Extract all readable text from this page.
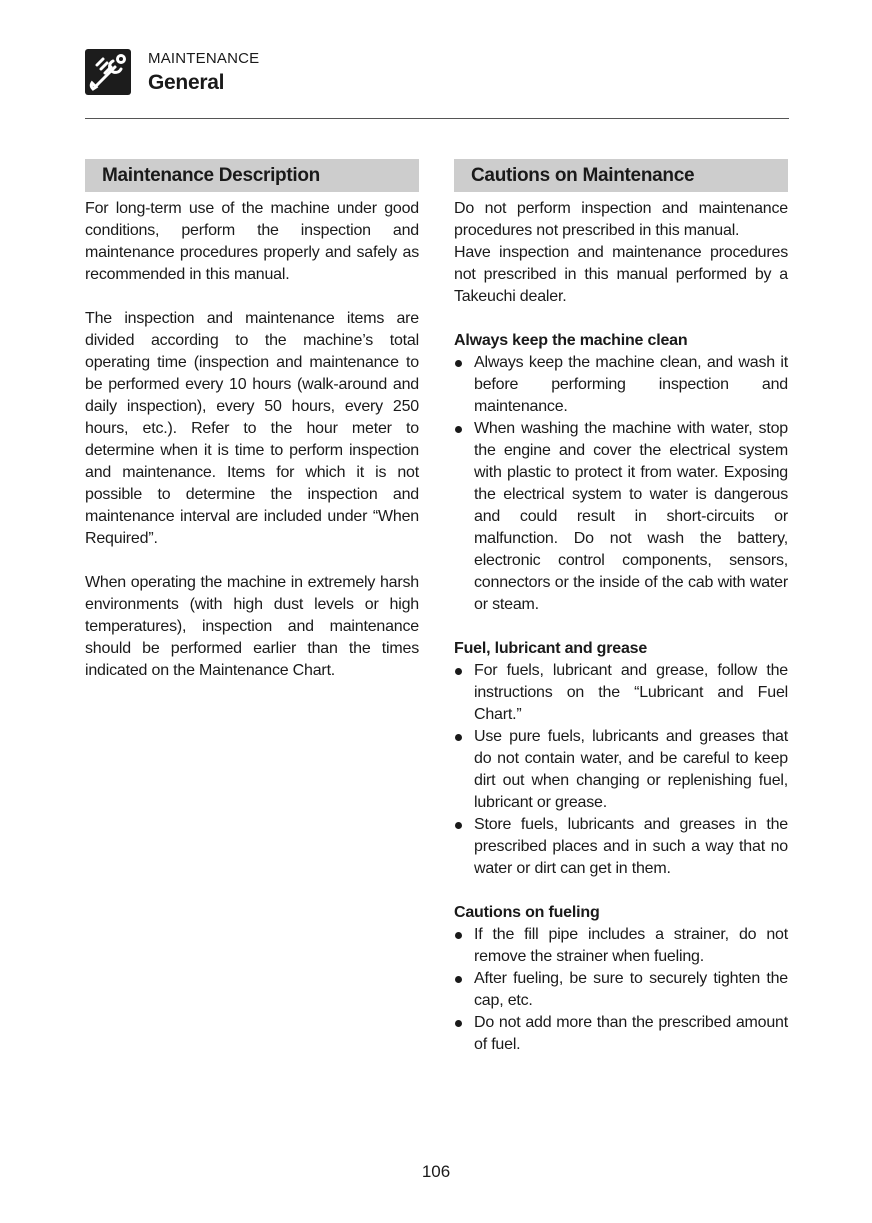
MAINTENANCE
General
Maintenance Description

For long-term use of the machine under good conditions, perform the inspection and maintenance procedures properly and safely as recommended in this manual.

The inspection and maintenance items are divided according to the machine’s total operating time (inspection and maintenance to be performed every 10 hours (walk-around and daily inspection), every 50 hours, every 250 hours, etc.). Refer to the hour meter to determine when it is time to perform inspection and maintenance. Items for which it is not possible to determine the inspection and maintenance interval are included under “When Required”.

When operating the machine in extremely harsh environments (with high dust levels or high temperatures), inspection and maintenance should be performed earlier than the times indicated on the Maintenance Chart.

Cautions on Maintenance

Do not perform inspection and maintenance procedures not prescribed in this manual.

Have inspection and maintenance procedures not prescribed in this manual performed by a Takeuchi dealer.

Always keep the machine clean
Always keep the machine clean, and wash it before performing inspection and maintenance.
When washing the machine with water, stop the engine and cover the electrical system with plastic to protect it from water. Exposing the electrical system to water is dangerous and could result in short-circuits or malfunction. Do not wash the battery, electronic control components, sensors, connectors or the inside of the cab with water or steam.
Fuel, lubricant and grease
For fuels, lubricant and grease, follow the instructions on the “Lubricant and Fuel Chart.”
Use pure fuels, lubricants and greases that do not contain water, and be careful to keep dirt out when changing or replenishing fuel, lubricant or grease.
Store fuels, lubricants and greases in the prescribed places and in such a way that no water or dirt can get in them.
Cautions on fueling
If the fill pipe includes a strainer, do not remove the strainer when fueling.
After fueling, be sure to securely tighten the cap, etc.
Do not add more than the prescribed amount of fuel.
106
